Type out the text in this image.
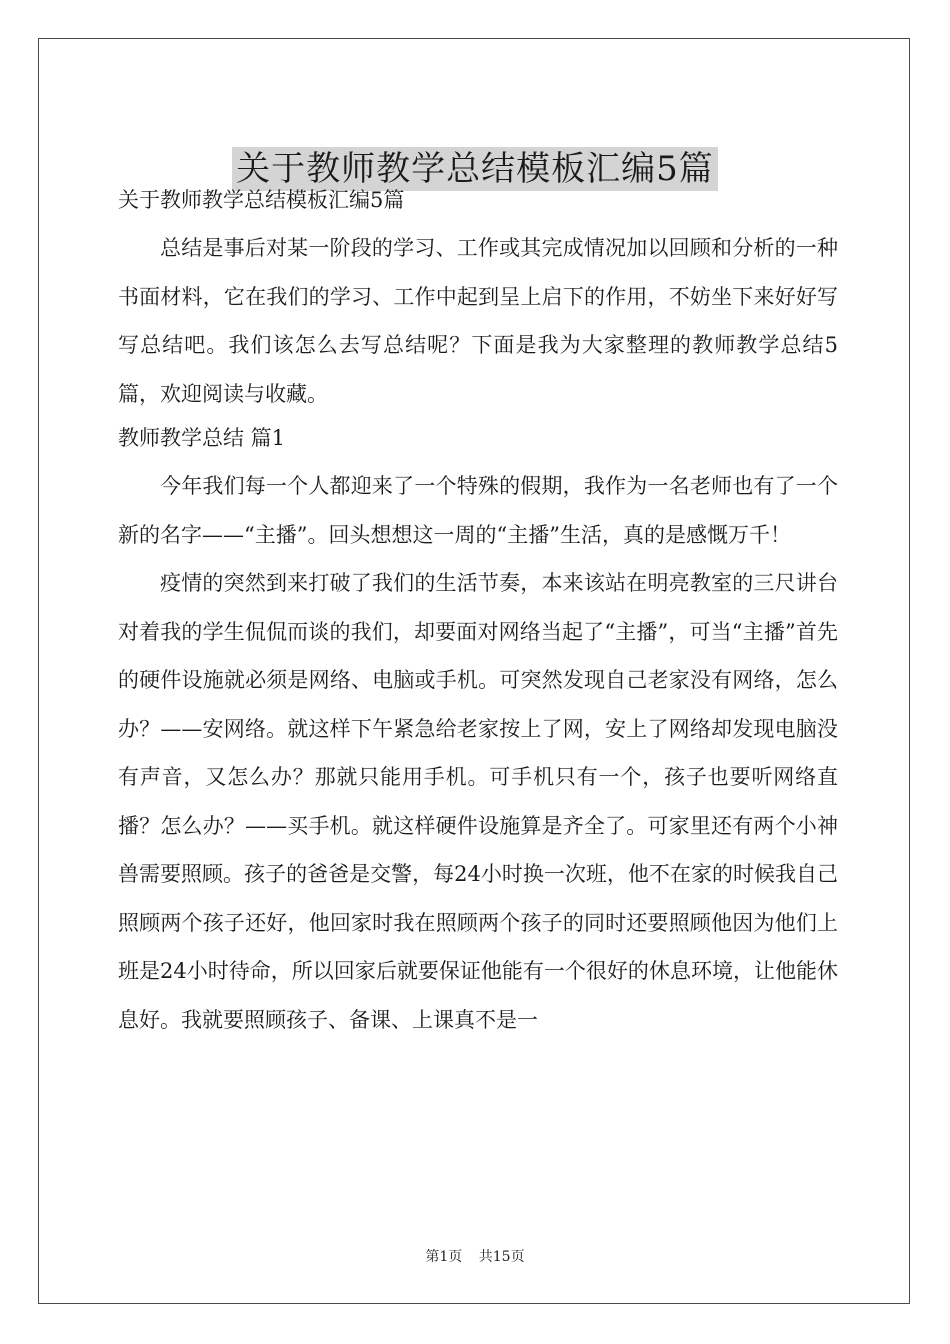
关于教师教学总结模板汇编5篇
关于教师教学总结模板汇编5篇

总结是事后对某一阶段的学习、工作或其完成情况加以回顾和分析的一种书面材料，它在我们的学习、工作中起到呈上启下的作用，不妨坐下来好好写写总结吧。我们该怎么去写总结呢？下面是我为大家整理的教师教学总结5篇，欢迎阅读与收藏。

教师教学总结 篇1

今年我们每一个人都迎来了一个特殊的假期，我作为一名老师也有了一个新的名字——“主播”。回头想想这一周的“主播”生活，真的是感慨万千！

疫情的突然到来打破了我们的生活节奏，本来该站在明亮教室的三尺讲台对着我的学生侃侃而谈的我们，却要面对网络当起了“主播”，可当“主播”首先的硬件设施就必须是网络、电脑或手机。可突然发现自己老家没有网络，怎么办？——安网络。就这样下午紧急给老家按上了网，安上了网络却发现电脑没有声音，又怎么办？那就只能用手机。可手机只有一个，孩子也要听网络直播？怎么办？——买手机。就这样硬件设施算是齐全了。可家里还有两个小神兽需要照顾。孩子的爸爸是交警，每24小时换一次班，他不在家的时候我自己照顾两个孩子还好，他回家时我在照顾两个孩子的同时还要照顾他因为他们上班是24小时待命，所以回家后就要保证他能有一个很好的休息环境，让他能休息好。我就要照顾孩子、备课、上课真不是一

第1页 共15页
